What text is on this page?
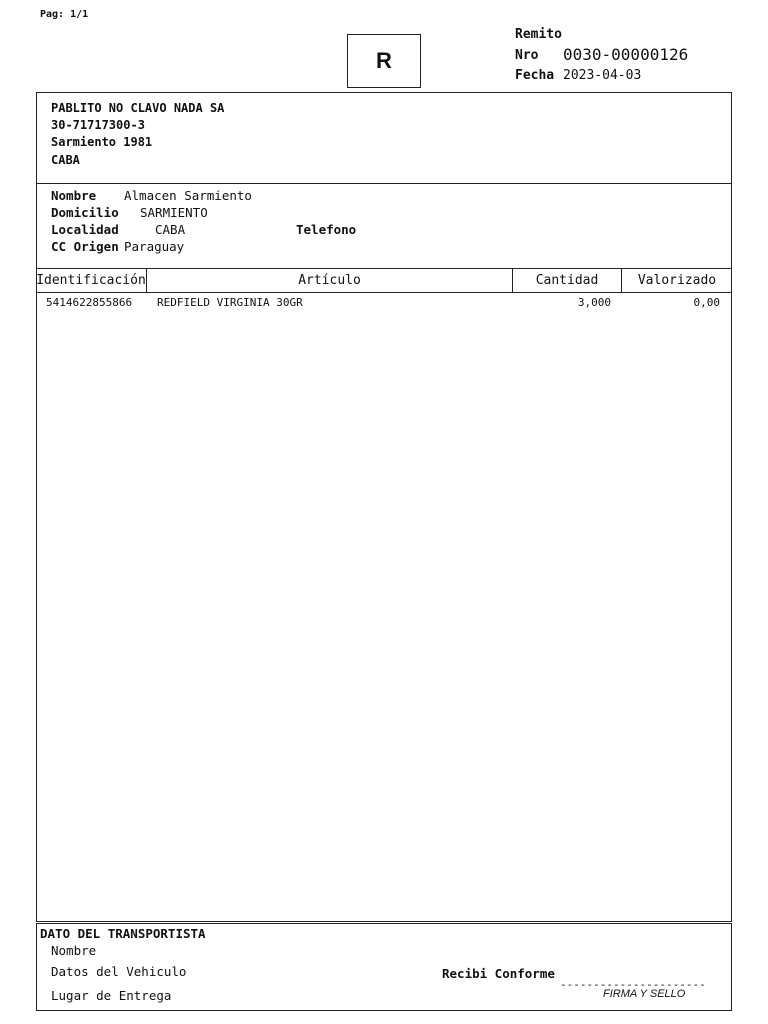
Pag: 1/1
R
Remito
Nro 0030-00000126
Fecha 2023-04-03
PABLITO NO CLAVO NADA SA
30-71717300-3
Sarmiento 1981
CABA
Nombre Almacen Sarmiento
Domicilio SARMIENTO
Localidad	CABA	Telefono
CC Origen Paraguay
Identificación	Artículo	Cantidad	Valorizado
5414622855866 REDFIELD VIRGINIA 30GR	3,000	0,00
DATO DEL TRANSPORTISTA
Nombre
Datos del Vehiculo
Lugar de Entrega
Recibi Conforme
----------------------
FIRMA Y SELLO
